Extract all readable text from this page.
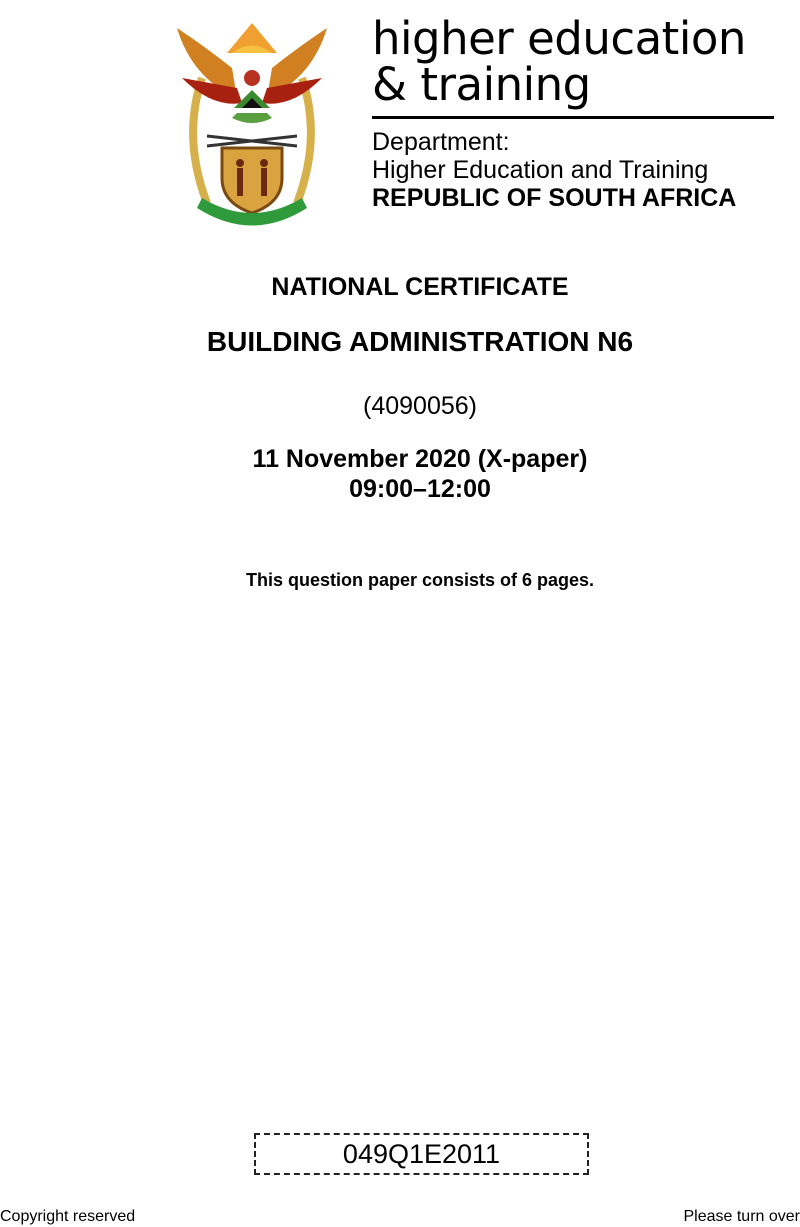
higher education
& training
Department:
Higher Education and Training
REPUBLIC OF SOUTH AFRICA
NATIONAL CERTIFICATE
BUILDING ADMINISTRATION N6
(4090056)
11 November 2020 (X-paper)
09:00–12:00
This question paper consists of 6 pages.
049Q1E2011
Copyright reserved	Please turn over
